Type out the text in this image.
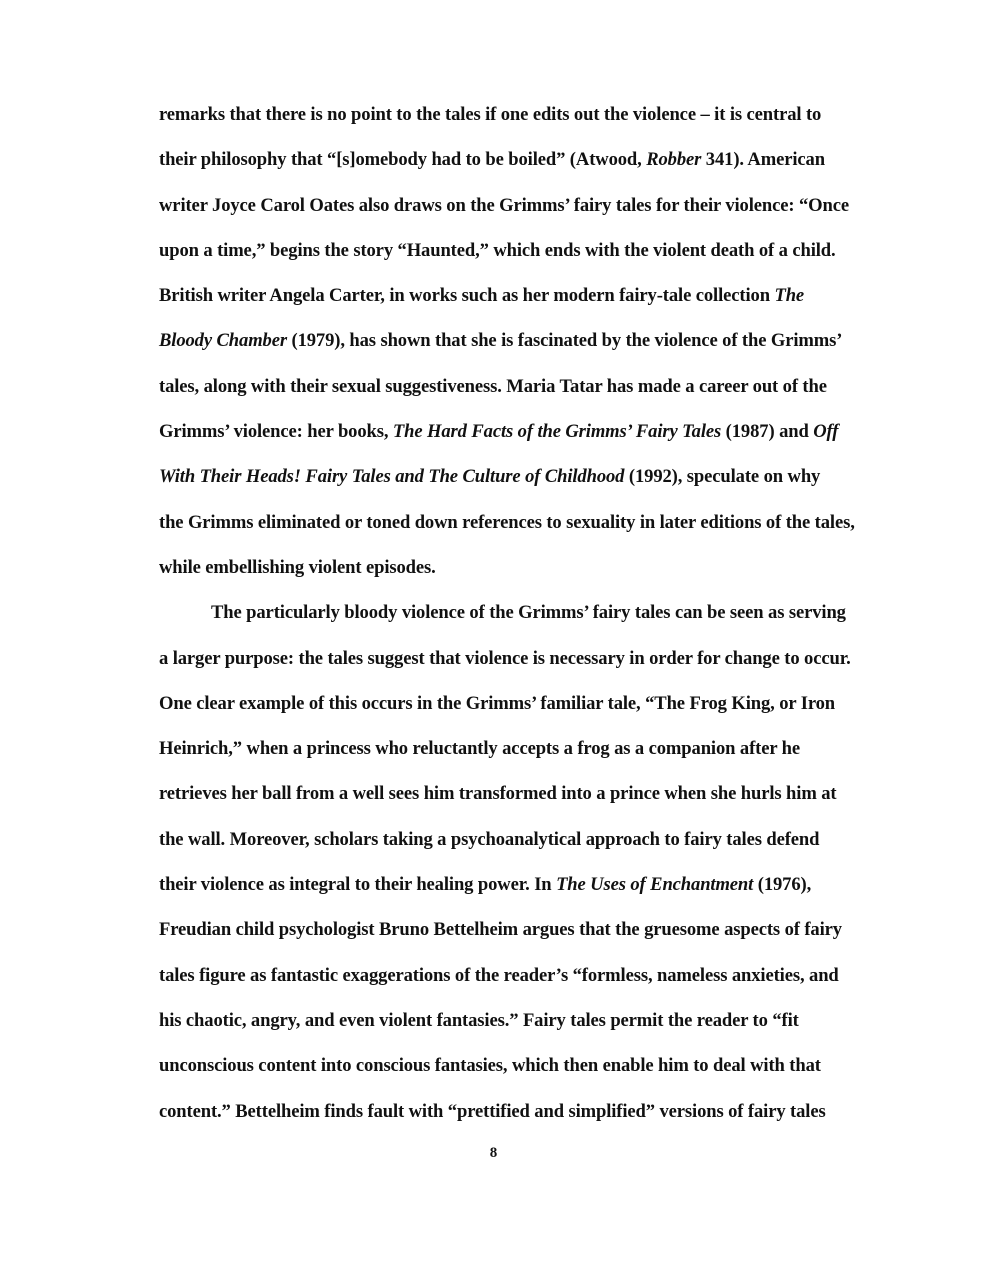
remarks that there is no point to the tales if one edits out the violence – it is central to
their philosophy that “[s]omebody had to be boiled” (Atwood, Robber 341). American
writer Joyce Carol Oates also draws on the Grimms’ fairy tales for their violence: “Once
upon a time,” begins the story “Haunted,” which ends with the violent death of a child.
British writer Angela Carter, in works such as her modern fairy-tale collection The
Bloody Chamber (1979), has shown that she is fascinated by the violence of the Grimms’
tales, along with their sexual suggestiveness. Maria Tatar has made a career out of the
Grimms’ violence: her books, The Hard Facts of the Grimms’ Fairy Tales (1987) and Off
With Their Heads! Fairy Tales and The Culture of Childhood (1992), speculate on why
the Grimms eliminated or toned down references to sexuality in later editions of the tales,
while embellishing violent episodes.
The particularly bloody violence of the Grimms’ fairy tales can be seen as serving
a larger purpose: the tales suggest that violence is necessary in order for change to occur.
One clear example of this occurs in the Grimms’ familiar tale, “The Frog King, or Iron
Heinrich,” when a princess who reluctantly accepts a frog as a companion after he
retrieves her ball from a well sees him transformed into a prince when she hurls him at
the wall. Moreover, scholars taking a psychoanalytical approach to fairy tales defend
their violence as integral to their healing power. In The Uses of Enchantment (1976),
Freudian child psychologist Bruno Bettelheim argues that the gruesome aspects of fairy
tales figure as fantastic exaggerations of the reader’s “formless, nameless anxieties, and
his chaotic, angry, and even violent fantasies.” Fairy tales permit the reader to “fit
unconscious content into conscious fantasies, which then enable him to deal with that
content.” Bettelheim finds fault with “prettified and simplified” versions of fairy tales
8
